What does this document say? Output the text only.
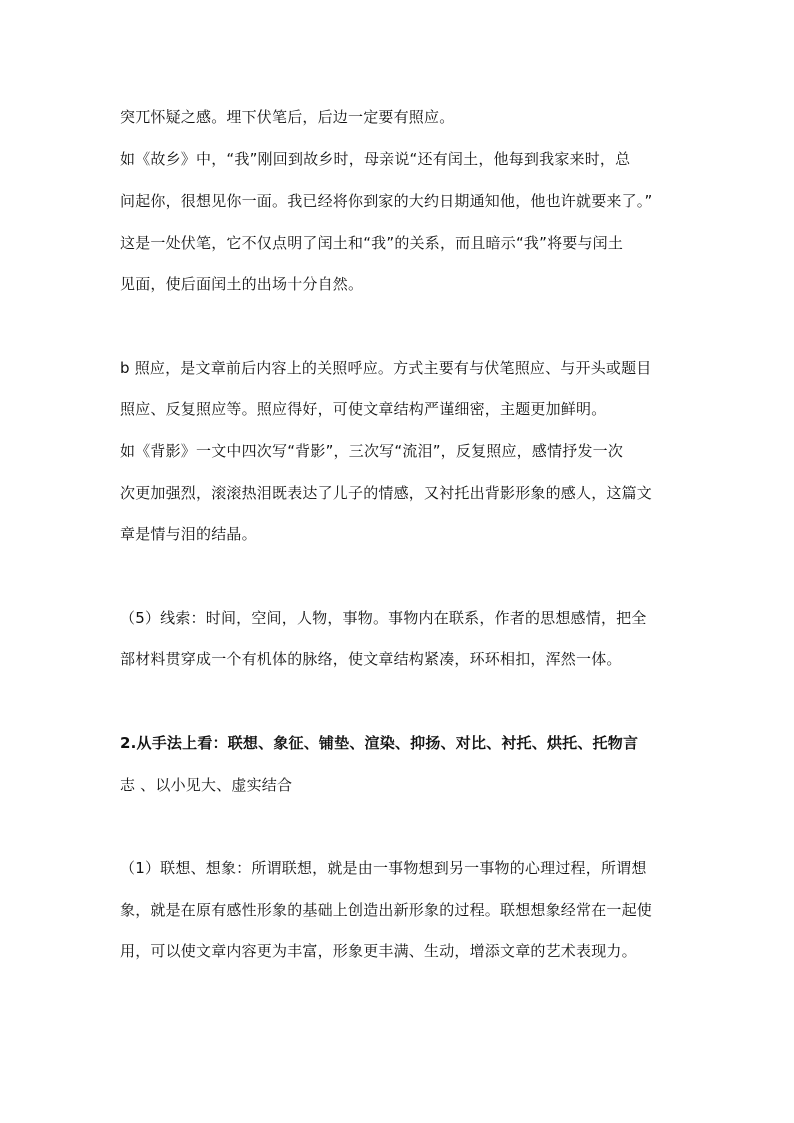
突兀怀疑之感。埋下伏笔后，后边一定要有照应。
如《故乡》中，“我”刚回到故乡时，母亲说“还有闰土，他每到我家来时，总
问起你，很想见你一面。我已经将你到家的大约日期通知他，他也许就要来了。”
这是一处伏笔，它不仅点明了闰土和“我”的关系，而且暗示“我”将要与闰土
见面，使后面闰土的出场十分自然。
b 照应，是文章前后内容上的关照呼应。方式主要有与伏笔照应、与开头或题目
照应、反复照应等。照应得好，可使文章结构严谨细密，主题更加鲜明。
如《背影》一文中四次写“背影”，三次写“流泪”，反复照应，感情抒发一次
次更加强烈，滚滚热泪既表达了儿子的情感，又衬托出背影形象的感人，这篇文
章是情与泪的结晶。
（5）线索：时间，空间，人物，事物。事物内在联系，作者的思想感情，把全
部材料贯穿成一个有机体的脉络，使文章结构紧凑，环环相扣，浑然一体。
2.从手法上看：联想、象征、铺垫、渲染、抑扬、对比、衬托、烘托、托物言
志 、以小见大、虚实结合
（1）联想、想象：所谓联想，就是由一事物想到另一事物的心理过程，所谓想
象，就是在原有感性形象的基础上创造出新形象的过程。联想想象经常在一起使
用，可以使文章内容更为丰富，形象更丰满、生动，增添文章的艺术表现力。
